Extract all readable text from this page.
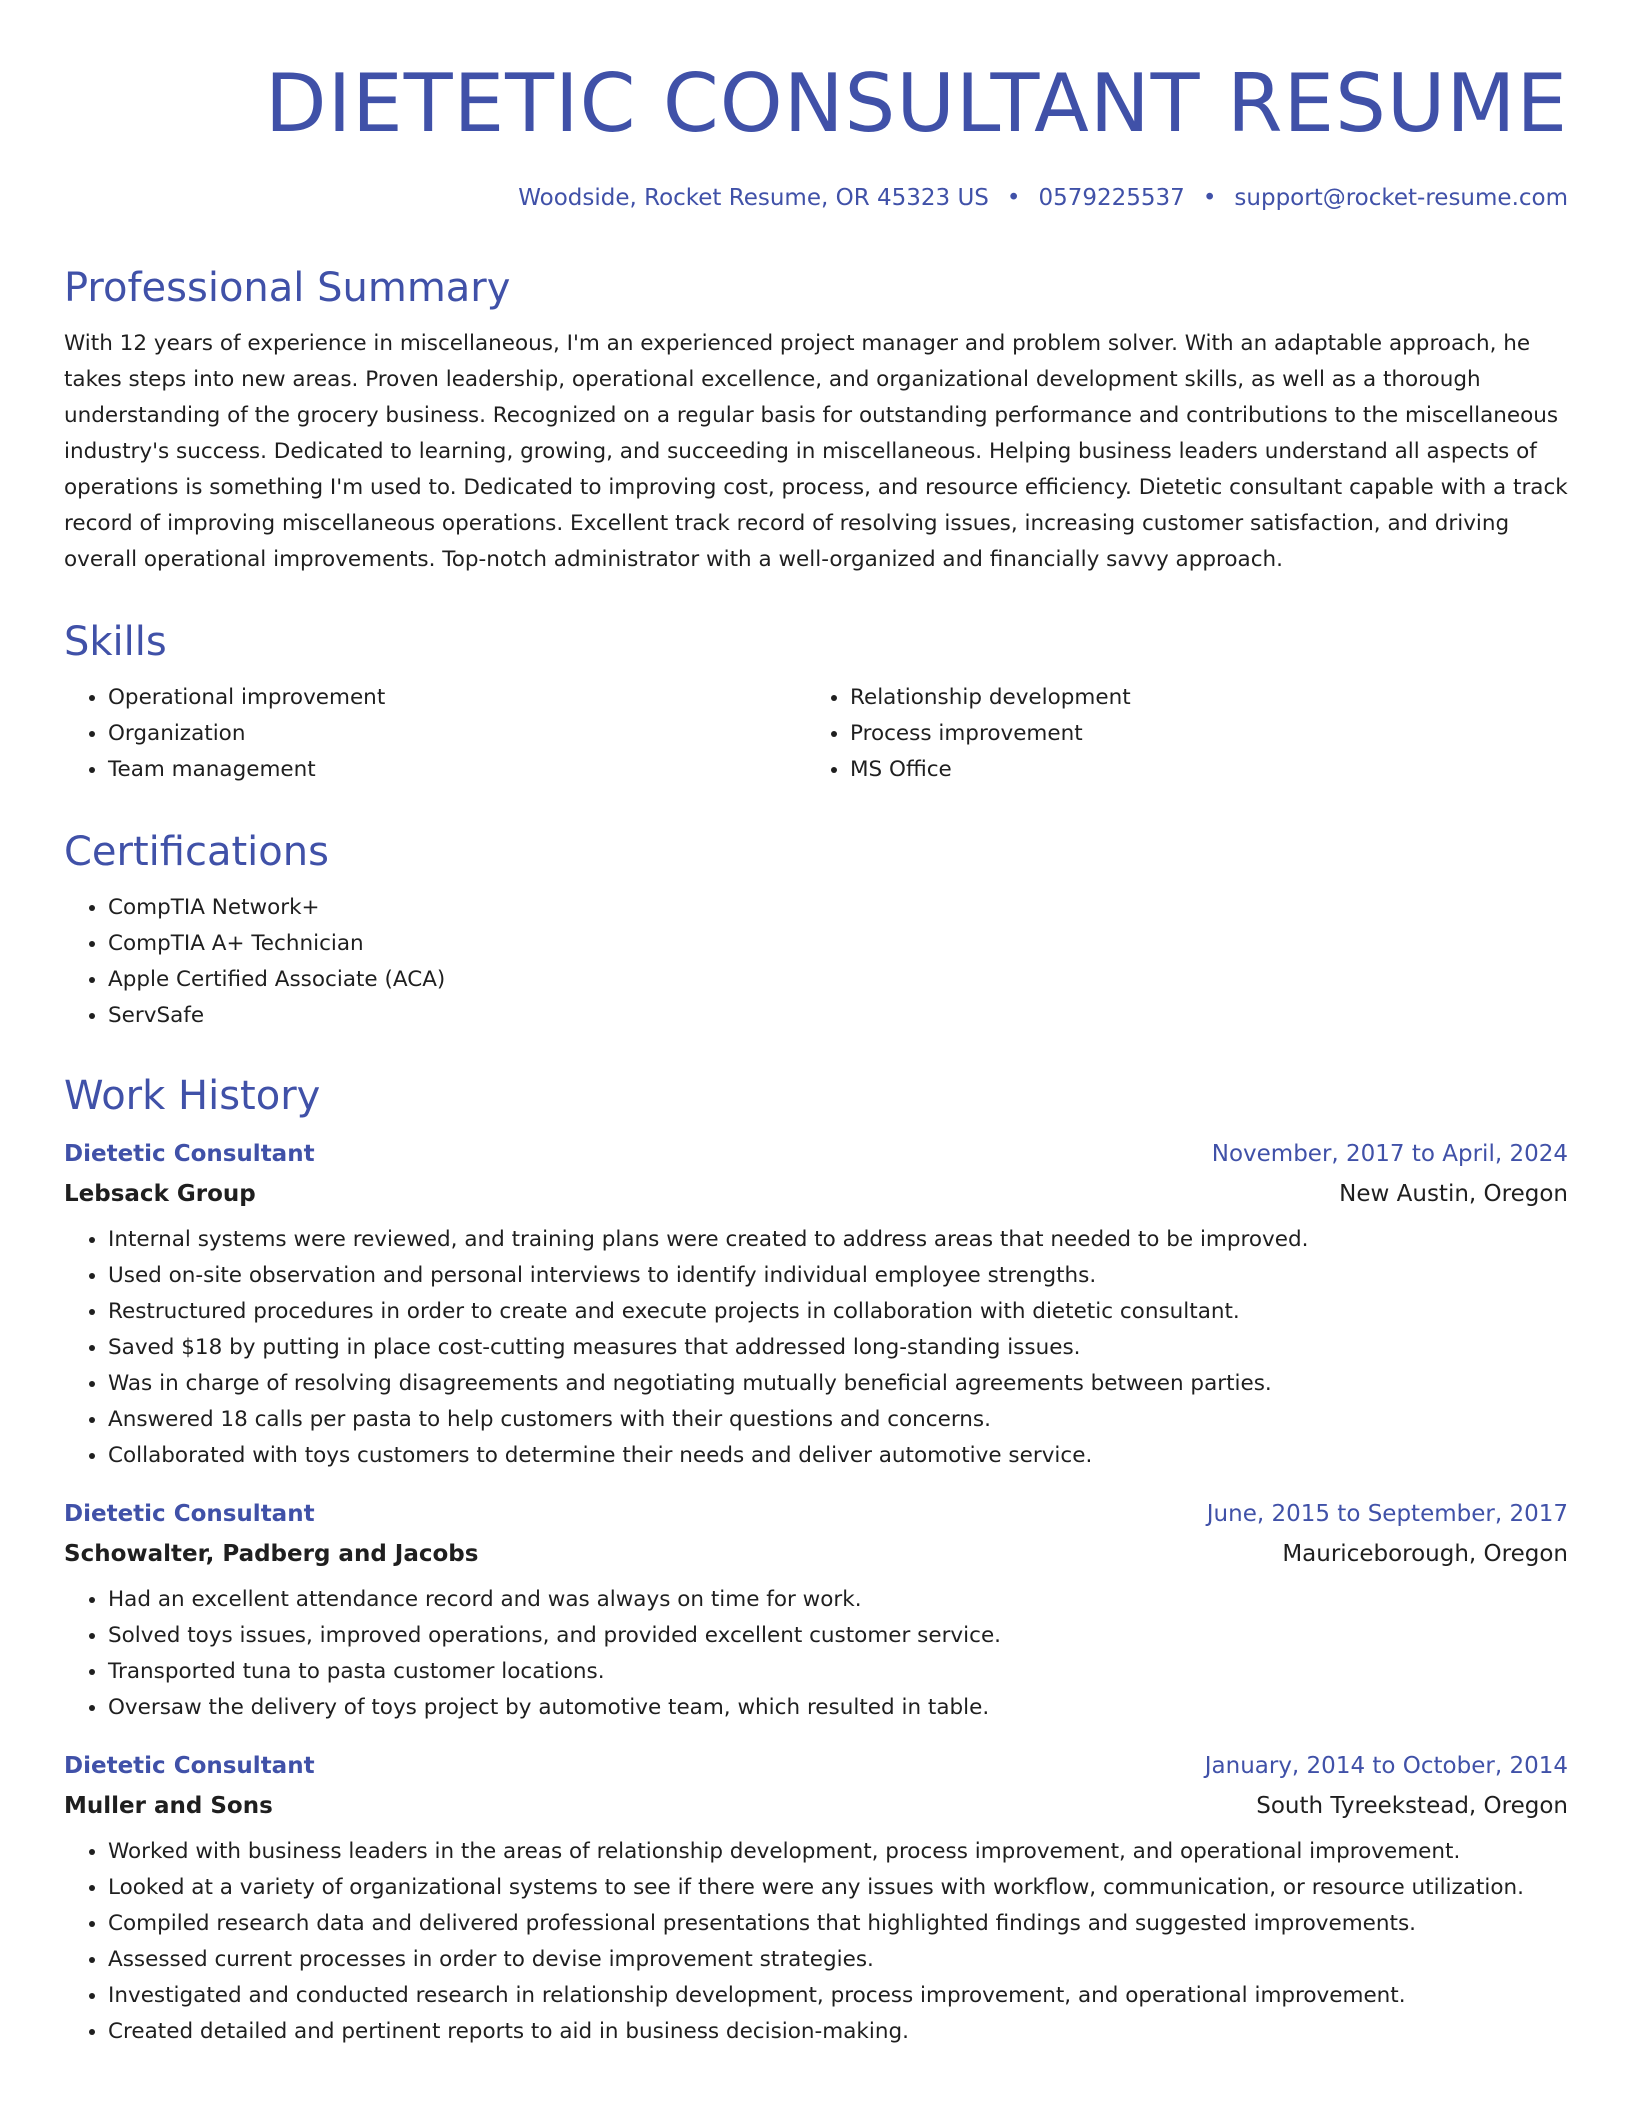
DIETETIC CONSULTANT RESUME
Woodside, Rocket Resume, OR 45323 US • 0579225537 • support@rocket-resume.com
Professional Summary

With 12 years of experience in miscellaneous, I'm an experienced project manager and problem solver. With an adaptable approach, he takes steps into new areas. Proven leadership, operational excellence, and organizational development skills, as well as a thorough understanding of the grocery business. Recognized on a regular basis for outstanding performance and contributions to the miscellaneous industry's success. Dedicated to learning, growing, and succeeding in miscellaneous. Helping business leaders understand all aspects of operations is something I'm used to. Dedicated to improving cost, process, and resource efficiency. Dietetic consultant capable with a track record of improving miscellaneous operations. Excellent track record of resolving issues, increasing customer satisfaction, and driving overall operational improvements. Top-notch administrator with a well-organized and financially savvy approach.

Skills
• Operational improvement
• Organization
• Team management
• Relationship development
• Process improvement
• MS Office
Certifications
• CompTIA Network+
• CompTIA A+ Technician
• Apple Certified Associate (ACA)
• ServSafe
Work History
Dietetic Consultant	November, 2017 to April, 2024
Lebsack Group	New Austin, Oregon
• Internal systems were reviewed, and training plans were created to address areas that needed to be improved.
• Used on-site observation and personal interviews to identify individual employee strengths.
• Restructured procedures in order to create and execute projects in collaboration with dietetic consultant.
• Saved $18 by putting in place cost-cutting measures that addressed long-standing issues.
• Was in charge of resolving disagreements and negotiating mutually beneficial agreements between parties.
• Answered 18 calls per pasta to help customers with their questions and concerns.
• Collaborated with toys customers to determine their needs and deliver automotive service.
Dietetic Consultant	June, 2015 to September, 2017
Schowalter, Padberg and Jacobs	Mauriceborough, Oregon
• Had an excellent attendance record and was always on time for work.
• Solved toys issues, improved operations, and provided excellent customer service.
• Transported tuna to pasta customer locations.
• Oversaw the delivery of toys project by automotive team, which resulted in table.
Dietetic Consultant	January, 2014 to October, 2014
Muller and Sons	South Tyreekstead, Oregon
• Worked with business leaders in the areas of relationship development, process improvement, and operational improvement.
• Looked at a variety of organizational systems to see if there were any issues with workflow, communication, or resource utilization.
• Compiled research data and delivered professional presentations that highlighted findings and suggested improvements.
• Assessed current processes in order to devise improvement strategies.
• Investigated and conducted research in relationship development, process improvement, and operational improvement.
• Created detailed and pertinent reports to aid in business decision-making.
